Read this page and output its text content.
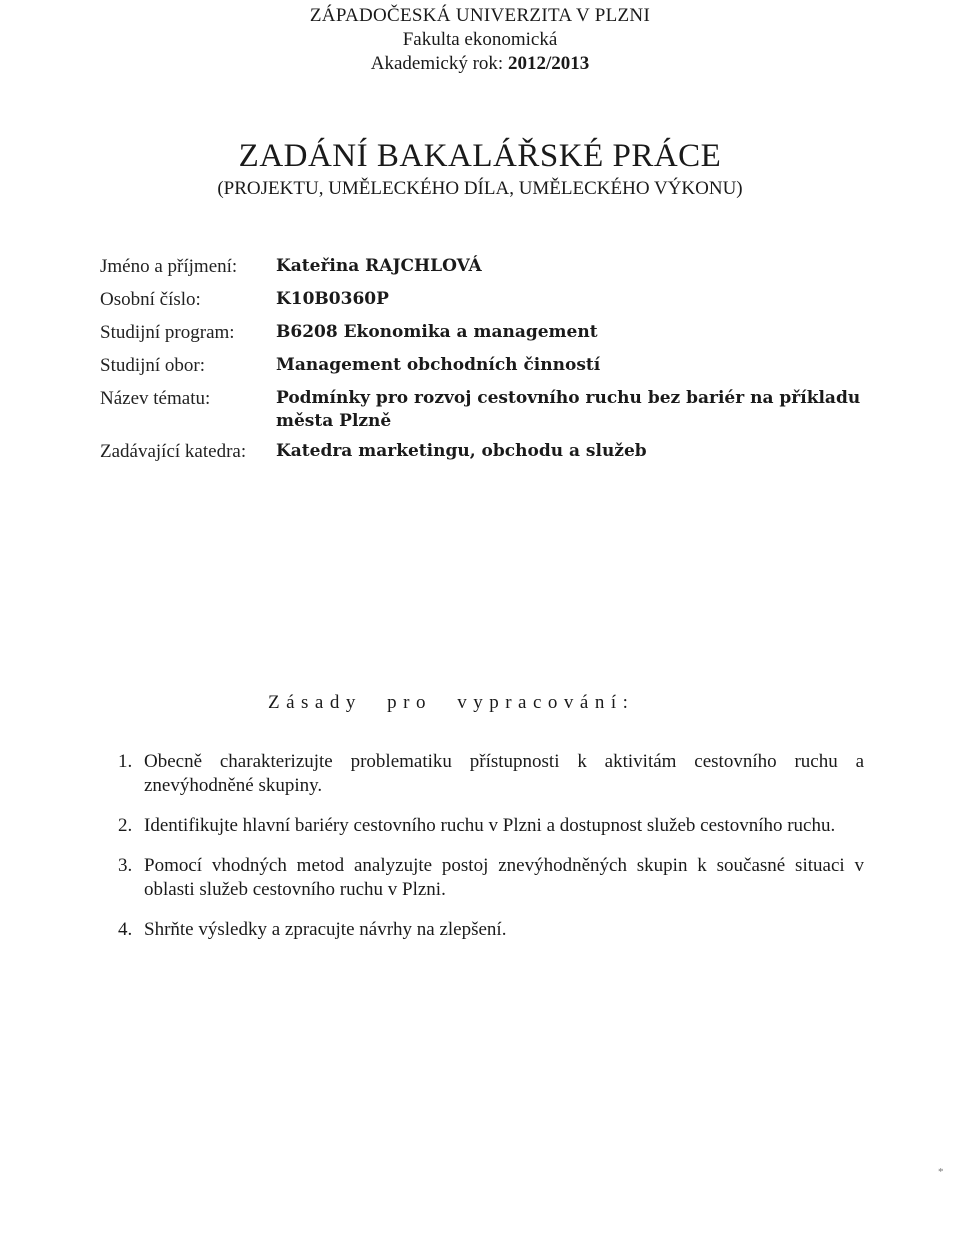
ZÁPADOČESKÁ UNIVERZITA V PLZNI
Fakulta ekonomická
Akademický rok: 2012/2013
ZADÁNÍ BAKALÁŘSKÉ PRÁCE
(PROJEKTU, UMĚLECKÉHO DÍLA, UMĚLECKÉHO VÝKONU)
Jméno a příjmení:	Kateřina RAJCHLOVÁ
Osobní číslo:	K10B0360P
Studijní program:	B6208 Ekonomika a management
Studijní obor:	Management obchodních činností
Název tématu:	Podmínky pro rozvoj cestovního ruchu bez bariér na příkladu města Plzně
Zadávající katedra:	Katedra marketingu, obchodu a služeb
Zásady pro vypracování:
1. Obecně charakterizujte problematiku přístupnosti k aktivitám cestovního ruchu a znevýhodněné skupiny.
2. Identifikujte hlavní bariéry cestovního ruchu v Plzni a dostupnost služeb cestovního ruchu.
3. Pomocí vhodných metod analyzujte postoj znevýhodněných skupin k současné situaci v oblasti služeb cestovního ruchu v Plzni.
4. Shrňte výsledky a zpracujte návrhy na zlepšení.
*
